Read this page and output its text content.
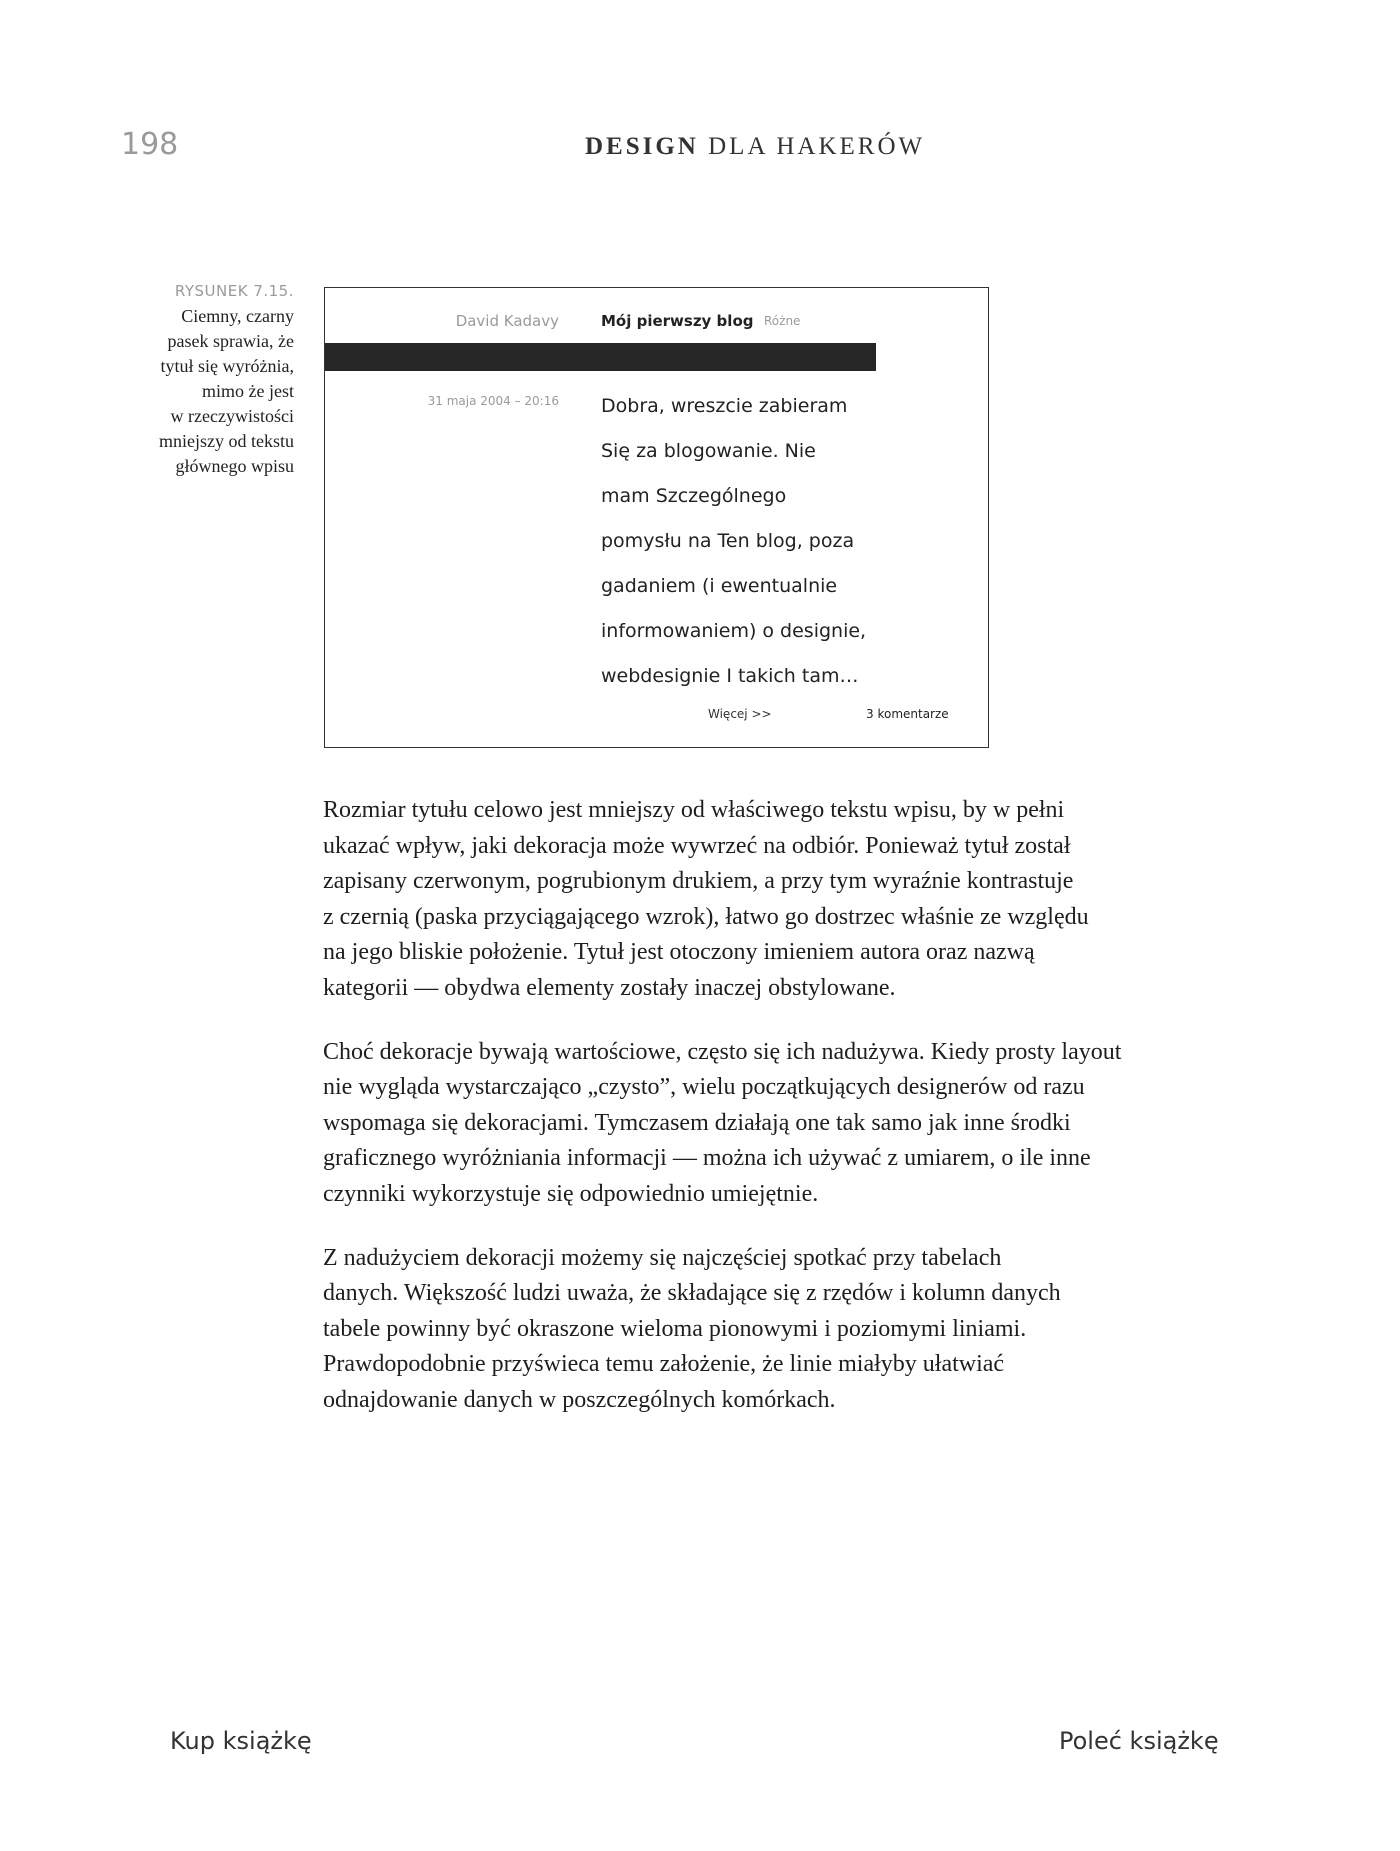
198	DESIGN DLA HAKERÓW
RYSUNEK 7.15.
Ciemny, czarny
pasek sprawia, że
tytuł się wyróżnia,
mimo że jest
w rzeczywistości
mniejszy od tekstu
głównego wpisu
David Kadavy	Mój pierwszy blog Różne
31 maja 2004 – 20:16 Dobra, wreszcie zabieram
Się za blogowanie. Nie
mam Szczególnego
pomysłu na Ten blog, poza
gadaniem (i ewentualnie
informowaniem) o designie,
webdesignie I takich tam…
Więcej >>	3 komentarze
Rozmiar tytułu celowo jest mniejszy od właściwego tekstu wpisu, by w pełni
ukazać wpływ, jaki dekoracja może wywrzeć na odbiór. Ponieważ tytuł został
zapisany czerwonym, pogrubionym drukiem, a przy tym wyraźnie kontrastuje
z czernią (paska przyciągającego wzrok), łatwo go dostrzec właśnie ze względu
na jego bliskie położenie. Tytuł jest otoczony imieniem autora oraz nazwą
kategorii — obydwa elementy zostały inaczej obstylowane.
Choć dekoracje bywają wartościowe, często się ich nadużywa. Kiedy prosty layout
nie wygląda wystarczająco „czysto”, wielu początkujących designerów od razu
wspomaga się dekoracjami. Tymczasem działają one tak samo jak inne środki
graficznego wyróżniania informacji — można ich używać z umiarem, o ile inne
czynniki wykorzystuje się odpowiednio umiejętnie.
Z nadużyciem dekoracji możemy się najczęściej spotkać przy tabelach
danych. Większość ludzi uważa, że składające się z rzędów i kolumn danych
tabele powinny być okraszone wieloma pionowymi i poziomymi liniami.
Prawdopodobnie przyświeca temu założenie, że linie miałyby ułatwiać
odnajdowanie danych w poszczególnych komórkach.
Kup książkę	Poleć książkę
